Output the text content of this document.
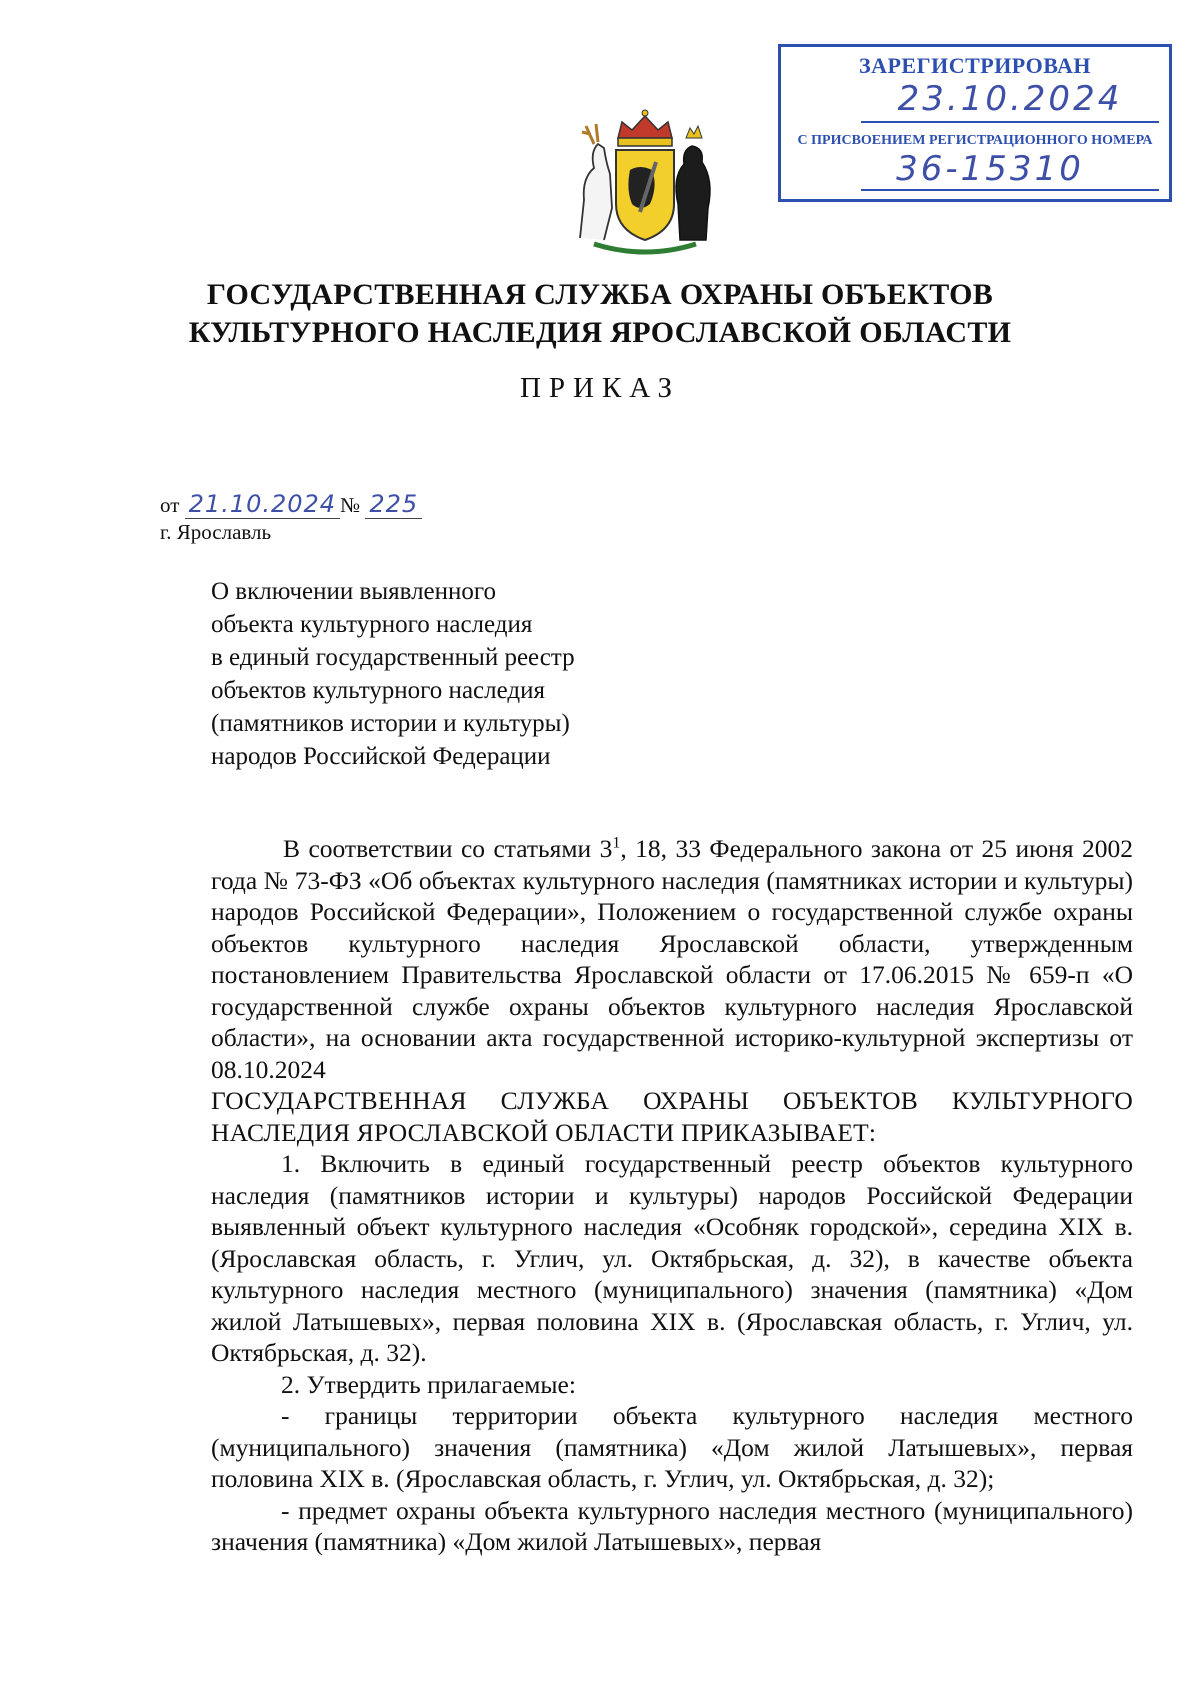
ЗАРЕГИСТРИРОВАН
23.10.2024
С ПРИСВОЕНИЕМ РЕГИСТРАЦИОННОГО НОМЕРА
36-15310
ГОСУДАРСТВЕННАЯ СЛУЖБА ОХРАНЫ ОБЪЕКТОВ
КУЛЬТУРНОГО НАСЛЕДИЯ ЯРОСЛАВСКОЙ ОБЛАСТИ
ПРИКАЗ
от 21.10.2024 № 225
г. Ярославль
О включении выявленного
объекта культурного наследия
в единый государственный реестр
объектов культурного наследия
(памятников истории и культуры)
народов Российской Федерации

В соответствии со статьями $3^1$, 18, 33 Федерального закона от 25 июня 2002 года № 73-ФЗ «Об объектах культурного наследия (памятниках истории и культуры) народов Российской Федерации», Положением о государственной службе охраны объектов культурного наследия Ярославской области, утвержденным постановлением Правительства Ярославской области от 17.06.2015 № 659-п «О государственной службе охраны объектов культурного наследия Ярославской области», на основании акта государственной историко-культурной экспертизы от 08.10.2024

ГОСУДАРСТВЕННАЯ СЛУЖБА ОХРАНЫ ОБЪЕКТОВ КУЛЬТУРНОГО НАСЛЕДИЯ ЯРОСЛАВСКОЙ ОБЛАСТИ ПРИКАЗЫВАЕТ:

1. Включить в единый государственный реестр объектов культурного наследия (памятников истории и культуры) народов Российской Федерации выявленный объект культурного наследия «Особняк городской», середина XIX в. (Ярославская область, г. Углич, ул. Октябрьская, д. 32), в качестве объекта культурного наследия местного (муниципального) значения (памятника) «Дом жилой Латышевых», первая половина XIX в. (Ярославская область, г. Углич, ул. Октябрьская, д. 32).

2. Утвердить прилагаемые:

- границы территории объекта культурного наследия местного (муниципального) значения (памятника) «Дом жилой Латышевых», первая половина XIX в. (Ярославская область, г. Углич, ул. Октябрьская, д. 32);

- предмет охраны объекта культурного наследия местного (муниципального) значения (памятника) «Дом жилой Латышевых», первая
